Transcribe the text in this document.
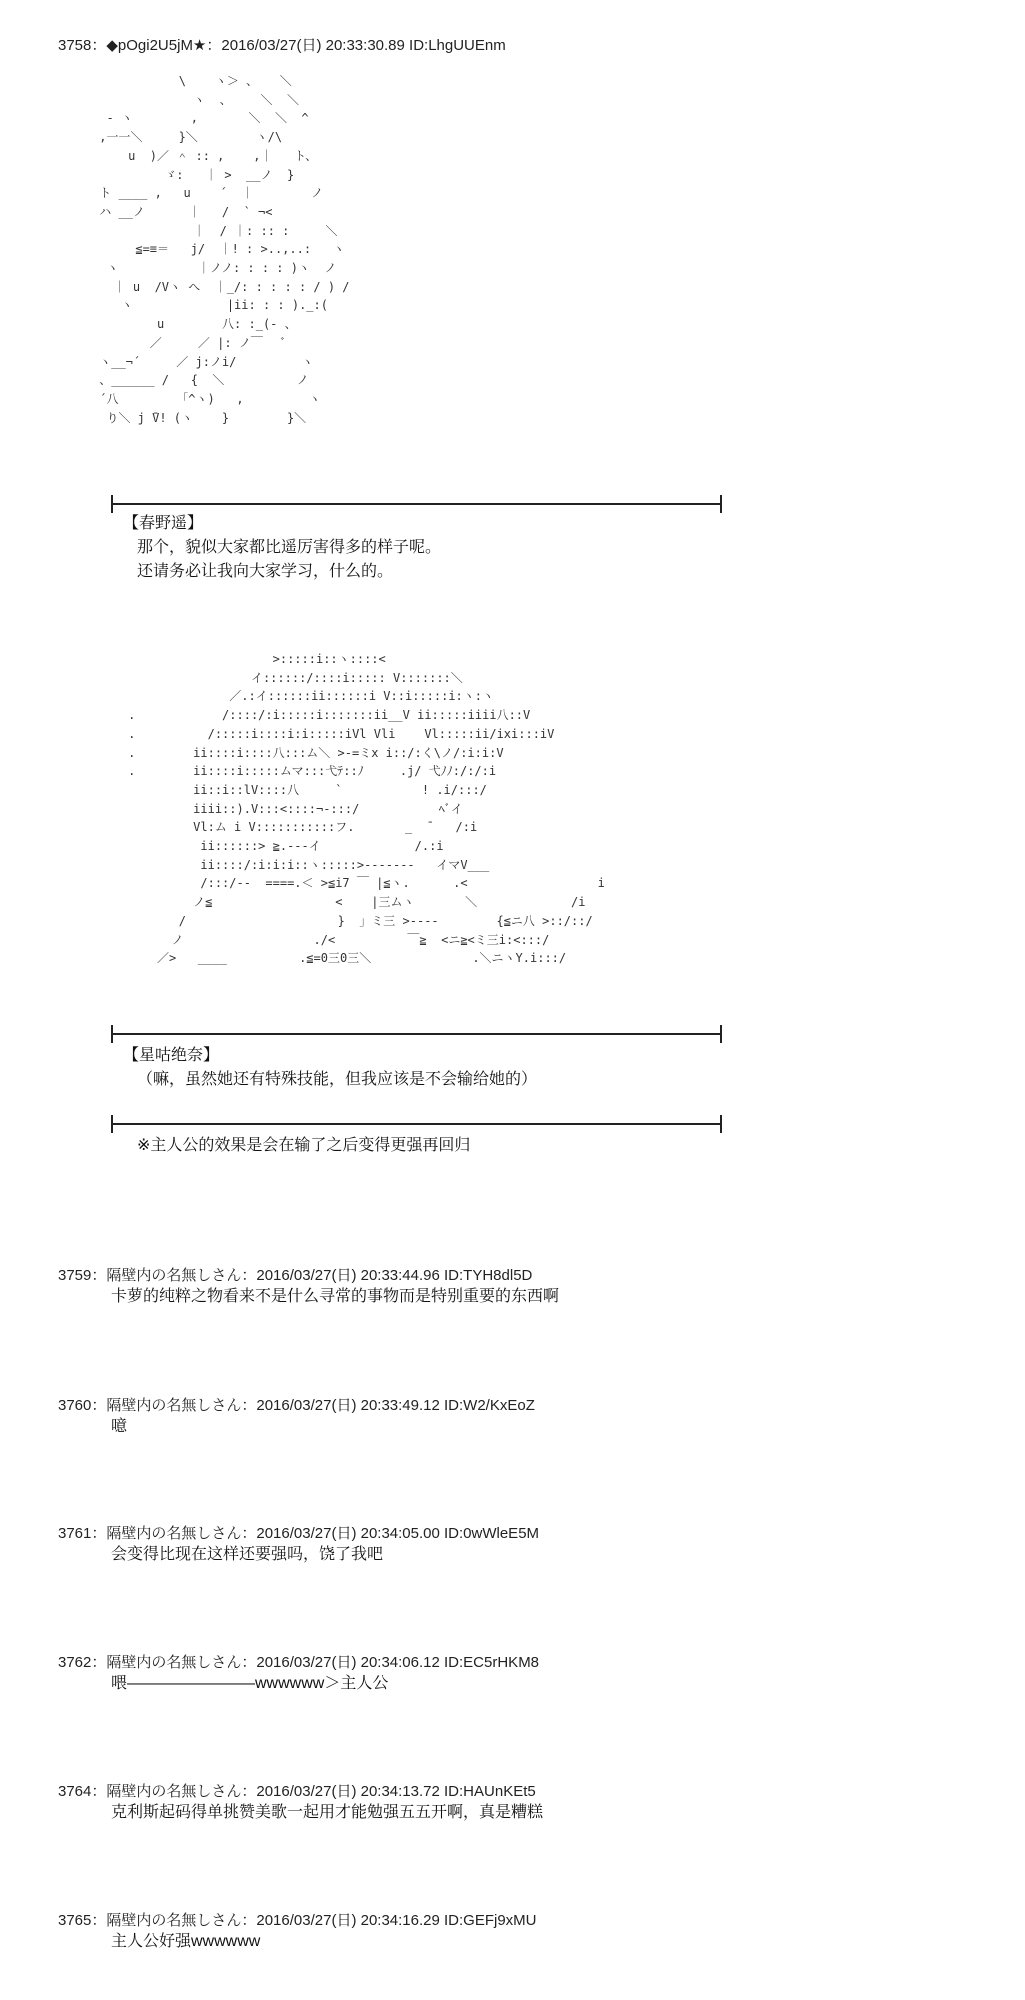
3758：◆pOgi2U5jM★：2016/03/27(日) 20:33:30.89 ID:LhgUUEnm
\    ヽ＞ 、   ＼
ヽ  、    ＼  ＼
- ヽ        ,       ＼  ＼  ^
,一一＼     }＼        ヽ/\
u  )／ ＾ :: ,    ,｜   ト、
ゞ:   ｜ >  __ノ  }
ト ____ ,   u    ´  ｜        ノ
ハ __ノ      ｜   /  ` ¬<
｜  / ｜: :: :     ＼
≦=≡＝   j/  ｜! : >..,..:   ヽ
ヽ           ｜ノノ: : : : )ヽ  ノ
｜ u  /Vヽ へ  ｜_/: : : : : / ) /
ヽ             |ii: : : )._:(
u        八: :_(- 、
／     ／ |: ノ￣   ﾞ
ヽ__¬´     ／ j:ノi/         ヽ
、______ /   {  ＼          ノ
´八        「^ヽ)   ,         ヽ
り＼ j ̄V! (ヽ    }        }＼
【春野遥】
那个，貌似大家都比遥厉害得多的样子呢。
还请务必让我向大家学习，什么的。
>:::::i::ヽ::::<
イ::::::/::::i::::: V:::::::＼
／.:イ::::::ii::::::i V::i:::::i:ヽ:ヽ
.            /::::/:i:::::i:::::::ii__V ii:::::iiii八::V
.          /:::::i::::i:i:::::iVl Vli    Vl:::::ii/ixi:::iV
.        ii::::i::::八:::ム＼ >-=ミx i::/:く\ノ/:i:i:V
.        ii::::i:::::ムマ:::弋ﾃ::ﾉ     .j/ 弋ﾉﾉ:/:/:i
ii::i::lV::::八     `           ! .i/:::/
iiii::).V:::<::::¬-:::/           ﾍﾞイ
Vl:ム i V:::::::::::フ.       _  ¯   /:i
ii::::::> ≧.---イ             /.:i
ii::::/:i:i:i::ヽ:::::>-------   イマV___
/:::/--  ====.＜ >≦i7 ￣ |≦ヽ.      .<                  i
ノ≦                 <    |三ムヽ       ＼             /i
/                     }  」ミ三 >----        {≦ニ八 >::/::/
ノ                  ./<          ￣≧  <ニ≧<ミ三i:<:::/
／>   ____          .≦=0三0三＼              .＼ニヽY.i:::/
【星咕绝奈】
（嘛，虽然她还有特殊技能，但我应该是不会输给她的）
※主人公的效果是会在输了之后变得更强再回归
3759：隔壁内の名無しさん：2016/03/27(日) 20:33:44.96 ID:TYH8dl5D
卡萝的纯粹之物看来不是什么寻常的事物而是特别重要的东西啊
3760：隔壁内の名無しさん：2016/03/27(日) 20:33:49.12 ID:W2/KxEoZ
噫
3761：隔壁内の名無しさん：2016/03/27(日) 20:34:05.00 ID:0wWleE5M
会变得比现在这样还要强吗，饶了我吧
3762：隔壁内の名無しさん：2016/03/27(日) 20:34:06.12 ID:EC5rHKM8
喂————————wwwwww＞主人公
3764：隔壁内の名無しさん：2016/03/27(日) 20:34:13.72 ID:HAUnKEt5
克利斯起码得单挑赞美歌一起用才能勉强五五开啊，真是糟糕
3765：隔壁内の名無しさん：2016/03/27(日) 20:34:16.29 ID:GEFj9xMU
主人公好强wwwwww
